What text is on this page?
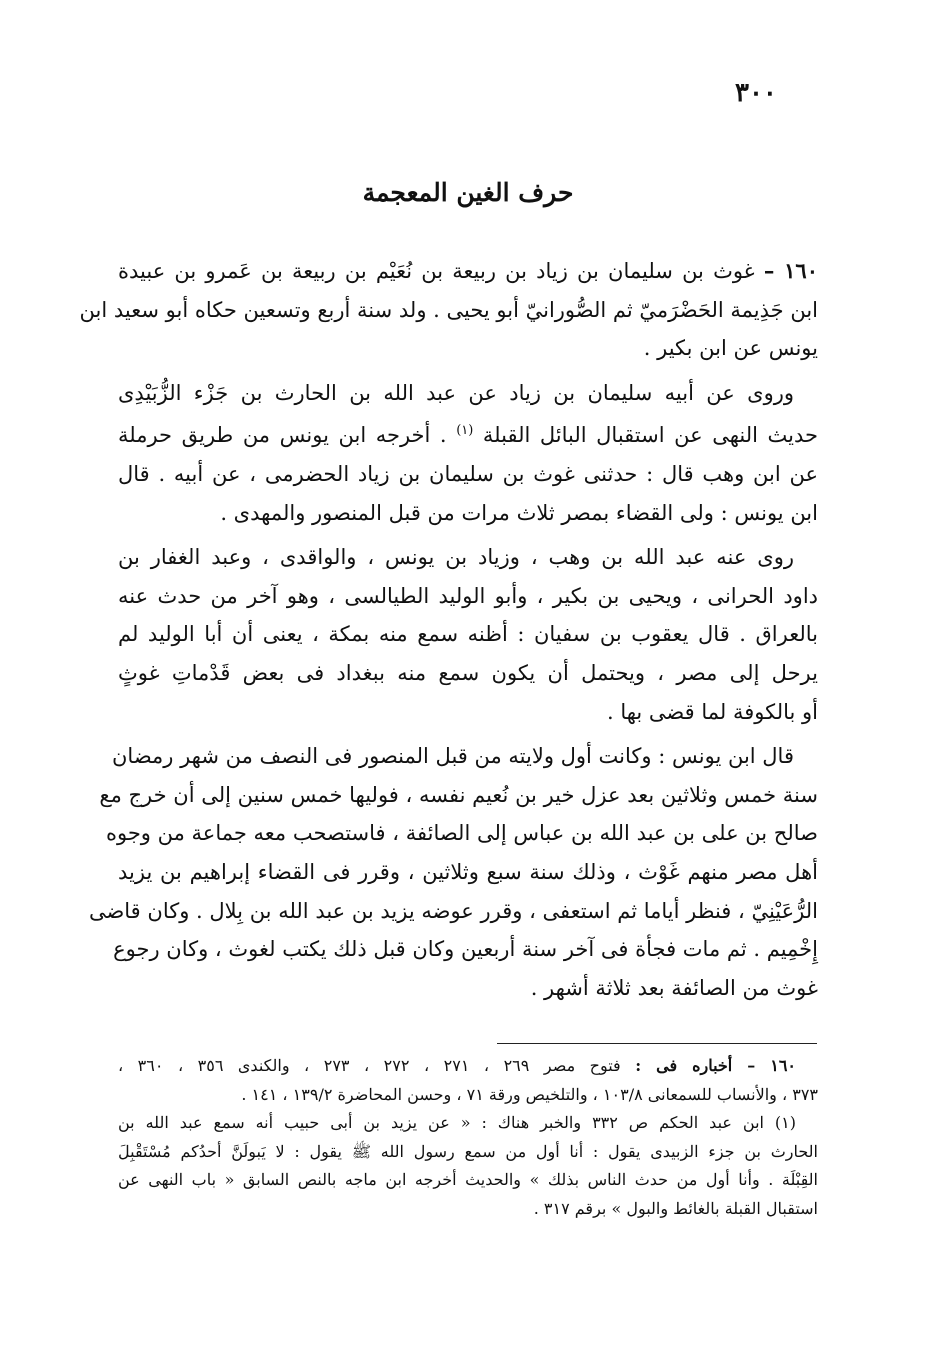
٣٠٠
حرف الغين المعجمة

١٦٠ – غوث بن سليمان بن زياد بن ربيعة بن نُعَيْم بن ربيعة بن عَمرو بن عبيدة
ابن جَذِيمة الحَضْرَميّ ثم الصُّورانيّ أبو يحيى . ولد سنة أربع وتسعين حكاه أبو سعيد ابن
يونس عن ابن بكير .

وروى عن أبيه سليمان بن زياد عن عبد الله بن الحارث بن جَزْء الزُّبَيْدِى
حديث النهى عن استقبال البائل القبلة $^{(١)}$ . أخرجه ابن يونس من طريق حرملة
عن ابن وهب قال : حدثنى غوث بن سليمان بن زياد الحضرمى ، عن أبيه . قال
ابن يونس : ولى القضاء بمصر ثلاث مرات من قبل المنصور والمهدى .

روى عنه عبد الله بن وهب ، وزياد بن يونس ، والواقدى ، وعبد الغفار بن
داود الحرانى ، ويحيى بن بكير ، وأبو الوليد الطيالسى ، وهو آخر من حدث عنه
بالعراق . قال يعقوب بن سفيان : أظنه سمع منه بمكة ، يعنى أن أبا الوليد لم
يرحل إلى مصر ، ويحتمل أن يكون سمع منه ببغداد فى بعض قَدْماتِ غوثٍ
أو بالكوفة لما قضى بها .

قال ابن يونس : وكانت أول ولايته من قبل المنصور فى النصف من شهر رمضان
سنة خمس وثلاثين بعد عزل خير بن نُعيم نفسه ، فوليها خمس سنين إلى أن خرج مع
صالح بن على بن عبد الله بن عباس إلى الصائفة ، فاستصحب معه جماعة من وجوه
أهل مصر منهم غَوْث ، وذلك سنة سبع وثلاثين ، وقرر فى القضاء إبراهيم بن يزيد
الرُّعَيْنِيّ ، فنظر أياما ثم استعفى ، وقرر عوضه يزيد بن عبد الله بن بِلال . وكان قاضى
إِخْمِيم . ثم مات فجأة فى آخر سنة أربعين وكان قبل ذلك يكتب لغوث ، وكان رجوع
غوث من الصائفة بعد ثلاثة أشهر .

١٦٠ – أخباره فى : فتوح مصر ٢٦٩ ، ٢٧١ ، ٢٧٢ ، ٢٧٣ ، والكندى ٣٥٦ ، ٣٦٠ ،
٣٧٣ ، والأنساب للسمعانى ١٠٣/٨ ، والتلخيص ورقة ٧١ ، وحسن المحاضرة ١٣٩/٢ ، ١٤١ .
(١) ابن عبد الحكم ص ٣٣٢ والخبر هناك : « عن يزيد بن أبى حبيب أنه سمع عبد الله بن
الحارث بن جزء الزبيدى يقول : أنا أول من سمع رسول الله ﷺ يقول : لا يَبولَنَّ أحدُكم مُسْتَقْبِلَ
القِبْلَة . وأنا أول من حدث الناس بذلك » والحديث أخرجه ابن ماجه بالنص السابق « باب النهى عن
استقبال القبلة بالغائط والبول » برقم ٣١٧ .
